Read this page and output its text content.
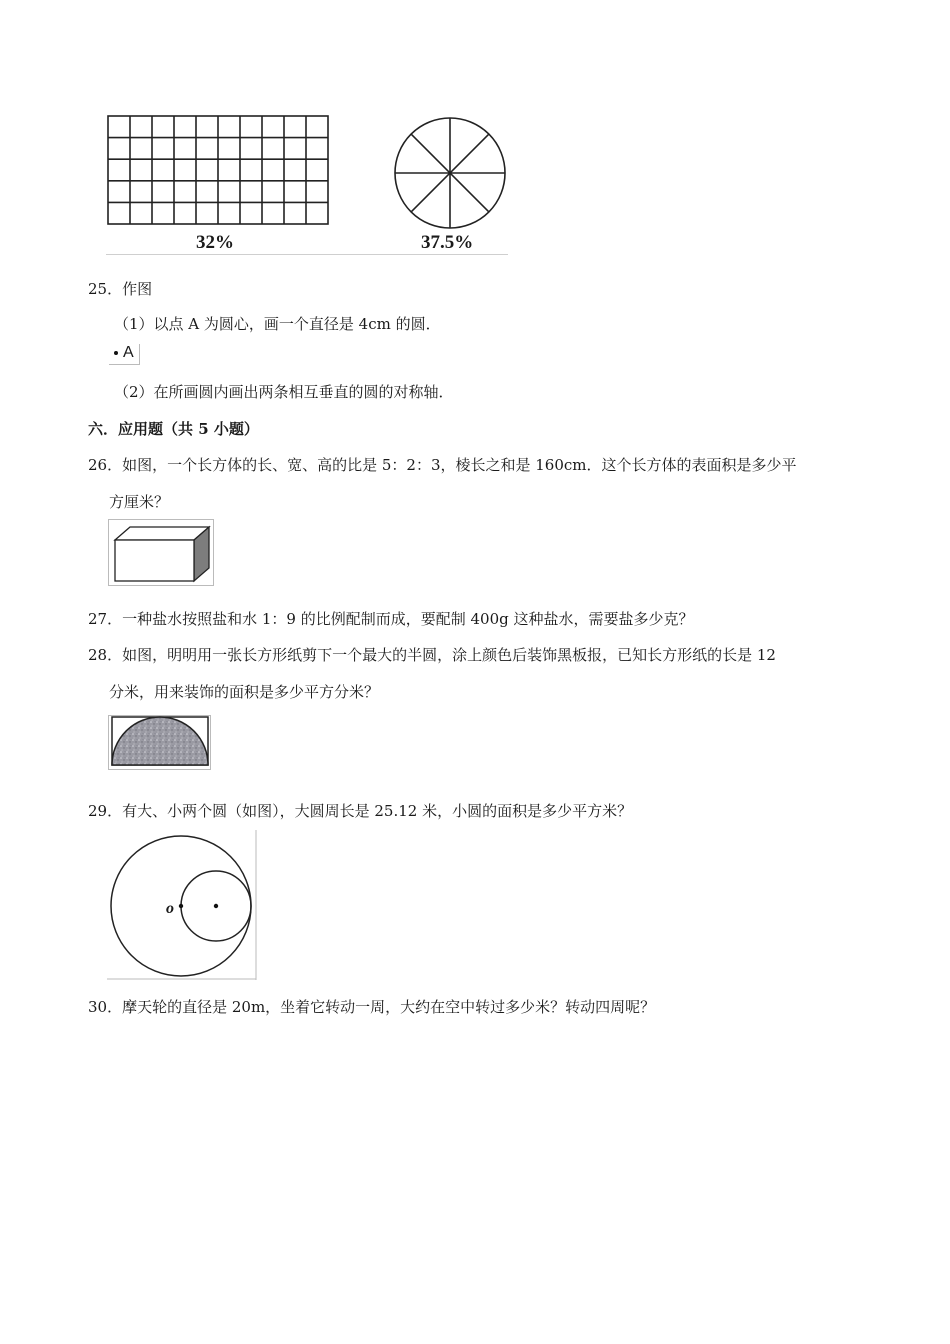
32%	37.5%
25．作图
（1）以点 A 为圆心，画一个直径是 4cm 的圆．
A
（2）在所画圆内画出两条相互垂直的圆的对称轴．
六．应用题（共 5 小题）
26．如图，一个长方体的长、宽、高的比是 5：2：3，棱长之和是 160cm．这个长方体的表面积是多少平
方厘米？
27．一种盐水按照盐和水 1：9 的比例配制而成，要配制 400g 这种盐水，需要盐多少克？
28．如图，明明用一张长方形纸剪下一个最大的半圆，涂上颜色后装饰黑板报，已知长方形纸的长是 12
分米，用来装饰的面积是多少平方分米？
29．有大、小两个圆（如图），大圆周长是 25.12 米，小圆的面积是多少平方米？
o
30．摩天轮的直径是 20m，坐着它转动一周，大约在空中转过多少米？转动四周呢？
